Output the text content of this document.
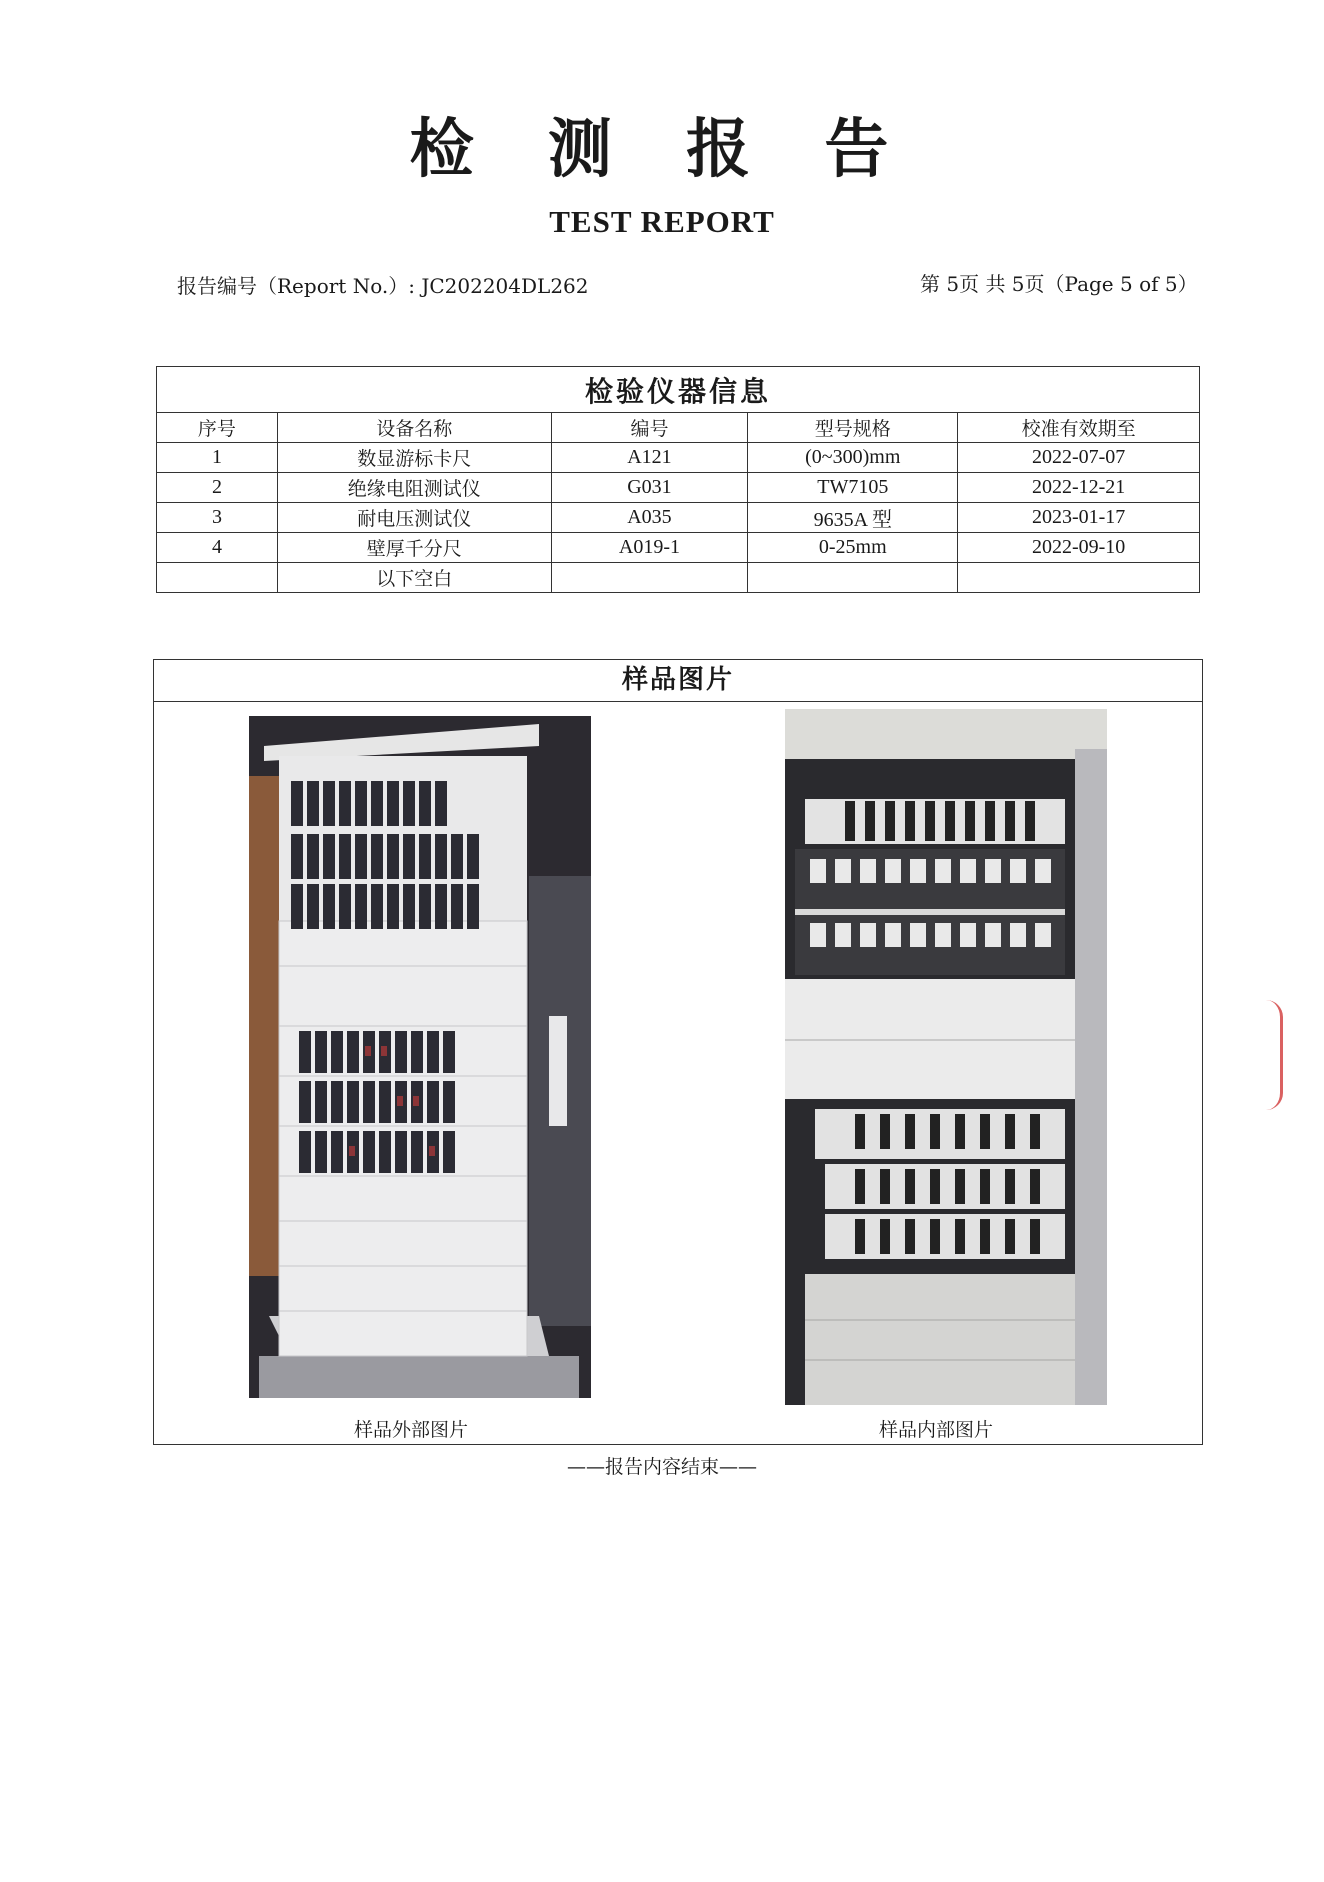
检 测 报 告
TEST REPORT
报告编号（Report No.）: JC202204DL262	第 5页 共 5页（Page 5 of 5）
检验仪器信息				
序号	设备名称	编号	型号规格	校准有效期至
1	数显游标卡尺	A121	(0~300)mm	2022-07-07
2	绝缘电阻测试仪	G031	TW7105	2022-12-21
3	耐电压测试仪	A035	9635A 型	2023-01-17
4	壁厚千分尺	A019-1	0-25mm	2022-09-10
	以下空白			
样品图片
样品外部图片	样品内部图片
——报告内容结束——
